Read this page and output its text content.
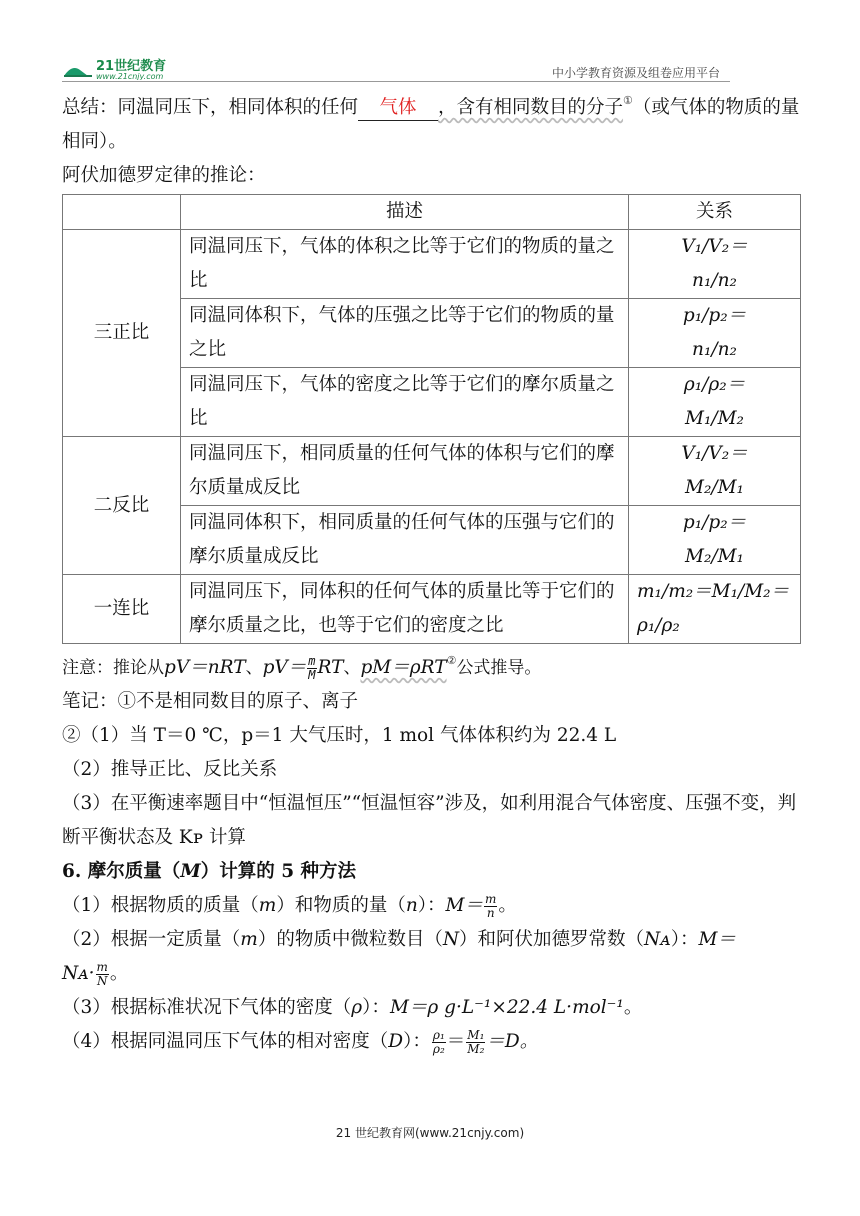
21世纪教育
www.21cnjy.com	中小学教育资源及组卷应用平台

总结：同温同压下，相同体积的任何 气体 ，含有相同数目的分子①（或气体的物质的量相同）。

阿伏加德罗定律的推论：

	描述	关系
三正比	同温同压下，气体的体积之比等于它们的物质的量之比	V₁/V₂＝
n₁/n₂
	同温同体积下，气体的压强之比等于它们的物质的量之比	p₁/p₂＝
n₁/n₂
	同温同压下，气体的密度之比等于它们的摩尔质量之比	ρ₁/ρ₂＝
M₁/M₂
二反比	同温同压下，相同质量的任何气体的体积与它们的摩尔质量成反比	V₁/V₂＝
M₂/M₁
	同温同体积下，相同质量的任何气体的压强与它们的摩尔质量成反比	p₁/p₂＝
M₂/M₁
一连比	同温同压下，同体积的任何气体的质量比等于它们的摩尔质量之比，也等于它们的密度之比	m₁/m₂＝M₁/M₂＝
ρ₁/ρ₂

注意：推论从pV＝nRT、$pV= \frac{m}{M}$ RT、pM＝ρRT②公式推导。

笔记：①不是相同数目的原子、离子

②（1）当 T＝0 ℃，p＝1 大气压时，1 mol 气体体积约为 22.4 L

（2）推导正比、反比关系

（3）在平衡速率题目中“恒温恒压”“恒温恒容”涉及，如利用混合气体密度、压强不变，判断平衡状态及 Kᴘ 计算

6. 摩尔质量（M）计算的 5 种方法

（1）根据物质的质量（m）和物质的量（n）：$M= \frac{m}{n}$ 。

（2）根据一定质量（m）的物质中微粒数目（N）和阿伏加德罗常数（Nᴀ）：M＝
Nᴀ· $\frac{m}{N}$ 。

（3）根据标准状况下气体的密度（ρ）：M＝ρ g·L⁻¹×22.4 L·mol⁻¹。

（4）根据同温同压下气体的相对密度（D）： $\frac{\text{ρ₁}}{\text{ρ₂}} = \frac{\text{M₁}}{\text{M₂}} =D$。

21 世纪教育网(www.21cnjy.com)
